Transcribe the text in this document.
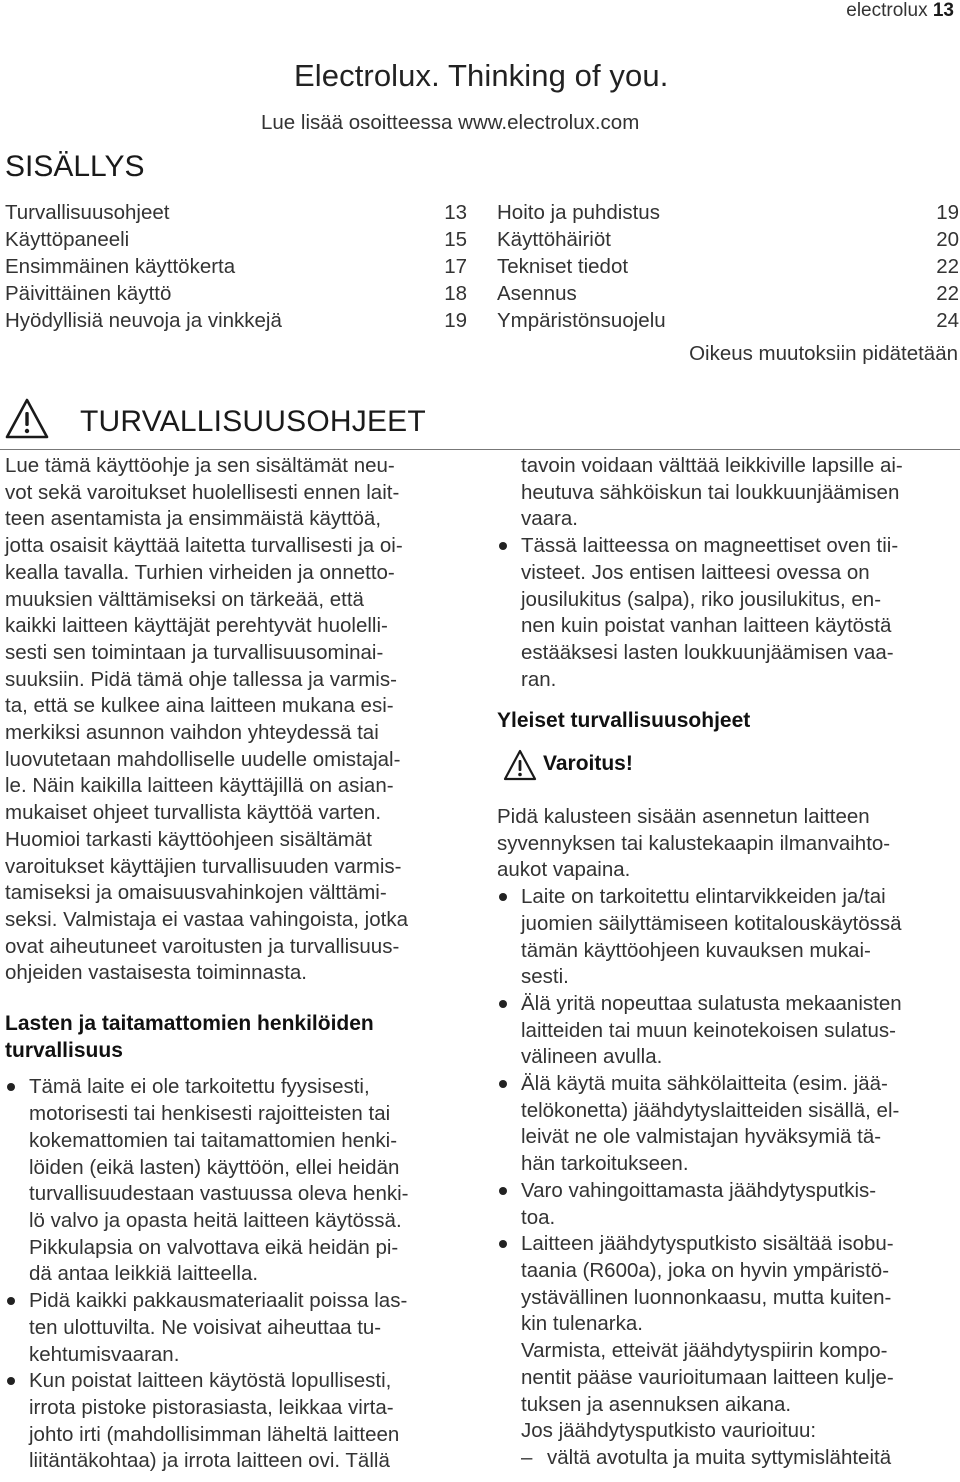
electrolux 13
Electrolux. Thinking of you.
Lue lisää osoitteessa www.electrolux.com
SISÄLLYS
Turvallisuusohjeet	13
Käyttöpaneeli	15
Ensimmäinen käyttökerta	17
Päivittäinen käyttö	18
Hyödyllisiä neuvoja ja vinkkejä	19
Hoito ja puhdistus	19
Käyttöhäiriöt	20
Tekniset tiedot	22
Asennus	22
Ympäristönsuojelu	24
Oikeus muutoksiin pidätetään
TURVALLISUUSOHJEET

Lue tämä käyttöohje ja sen sisältämät neu-

vot sekä varoitukset huolellisesti ennen lait-

teen asentamista ja ensimmäistä käyttöä,

jotta osaisit käyttää laitetta turvallisesti ja oi-

kealla tavalla. Turhien virheiden ja onnetto-

muuksien välttämiseksi on tärkeää, että

kaikki laitteen käyttäjät perehtyvät huolelli-

sesti sen toimintaan ja turvallisuusominai-

suuksiin. Pidä tämä ohje tallessa ja varmis-

ta, että se kulkee aina laitteen mukana esi-

merkiksi asunnon vaihdon yhteydessä tai

luovutetaan mahdolliselle uudelle omistajal-

le. Näin kaikilla laitteen käyttäjillä on asian-

mukaiset ohjeet turvallista käyttöä varten.

Huomioi tarkasti käyttöohjeen sisältämät

varoitukset käyttäjien turvallisuuden varmis-

tamiseksi ja omaisuusvahinkojen välttämi-

seksi. Valmistaja ei vastaa vahingoista, jotka

ovat aiheutuneet varoitusten ja turvallisuus-

ohjeiden vastaisesta toiminnasta.

Lasten ja taitamattomien henkilöiden

turvallisuus

Tämä laite ei ole tarkoitettu fyysisesti,

motorisesti tai henkisesti rajoitteisten tai

kokemattomien tai taitamattomien henki-

löiden (eikä lasten) käyttöön, ellei heidän

turvallisuudestaan vastuussa oleva henki-

lö valvo ja opasta heitä laitteen käytössä.

Pikkulapsia on valvottava eikä heidän pi-

dä antaa leikkiä laitteella.

Pidä kaikki pakkausmateriaalit poissa las-

ten ulottuvilta. Ne voisivat aiheuttaa tu-

kehtumisvaaran.

Kun poistat laitteen käytöstä lopullisesti,

irrota pistoke pistorasiasta, leikkaa virta-

johto irti (mahdollisimman läheltä laitteen

liitäntäkohtaa) ja irrota laitteen ovi. Tällä

tavoin voidaan välttää leikkiville lapsille ai-

heutuva sähköiskun tai loukkuunjäämisen

vaara.

Tässä laitteessa on magneettiset oven tii-

visteet. Jos entisen laitteesi ovessa on

jousilukitus (salpa), riko jousilukitus, en-

nen kuin poistat vanhan laitteen käytöstä

estääksesi lasten loukkuunjäämisen vaa-

ran.

Yleiset turvallisuusohjeet
Varoitus!

Pidä kalusteen sisään asennetun laitteen

syvennyksen tai kalustekaapin ilmanvaihto-

aukot vapaina.

Laite on tarkoitettu elintarvikkeiden ja/tai

juomien säilyttämiseen kotitalouskäytössä

tämän käyttöohjeen kuvauksen mukai-

sesti.

Älä yritä nopeuttaa sulatusta mekaanisten

laitteiden tai muun keinotekoisen sulatus-

välineen avulla.

Älä käytä muita sähkölaitteita (esim. jää-

telökonetta) jäähdytyslaitteiden sisällä, el-

leivät ne ole valmistajan hyväksymiä tä-

hän tarkoitukseen.

Varo vahingoittamasta jäähdytysputkis-

toa.

Laitteen jäähdytysputkisto sisältää isobu-

taania (R600a), joka on hyvin ympäristö-

ystävällinen luonnonkaasu, mutta kuiten-

kin tulenarka.

Varmista, etteivät jäähdytyspiirin kompo-

nentit pääse vaurioitumaan laitteen kulje-

tuksen ja asennuksen aikana.

Jos jäähdytysputkisto vaurioituu:

– vältä avotulta ja muita syttymislähteitä
